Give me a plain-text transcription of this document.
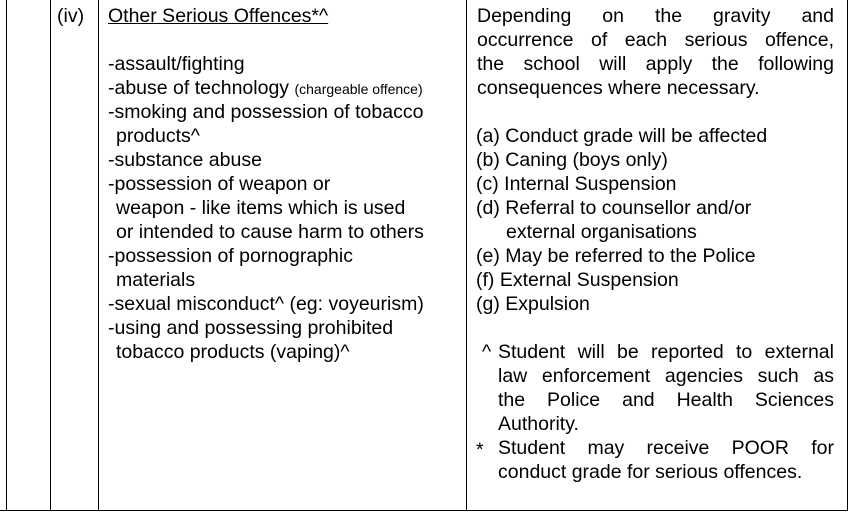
(iv) Other Serious Offences*^
-assault/fighting
-abuse of technology (chargeable offence)
-smoking and possession of tobacco
products^
-substance abuse
-possession of weapon or
weapon - like items which is used
or intended to cause harm to others
-possession of pornographic
materials
-sexual misconduct^ (eg: voyeurism)
-using and possessing prohibited
tobacco products (vaping)^
Depending on the gravity and
occurrence of each serious offence,
the school will apply the following
consequences where necessary.
(a) Conduct grade will be affected
(b) Caning (boys only)
(c) Internal Suspension
(d) Referral to counsellor and/or
external organisations
(e) May be referred to the Police
(f) External Suspension
(g) Expulsion
^ Student will be reported to external
law enforcement agencies such as
the Police and Health Sciences
Authority.
* Student may receive POOR for
conduct grade for serious offences.
